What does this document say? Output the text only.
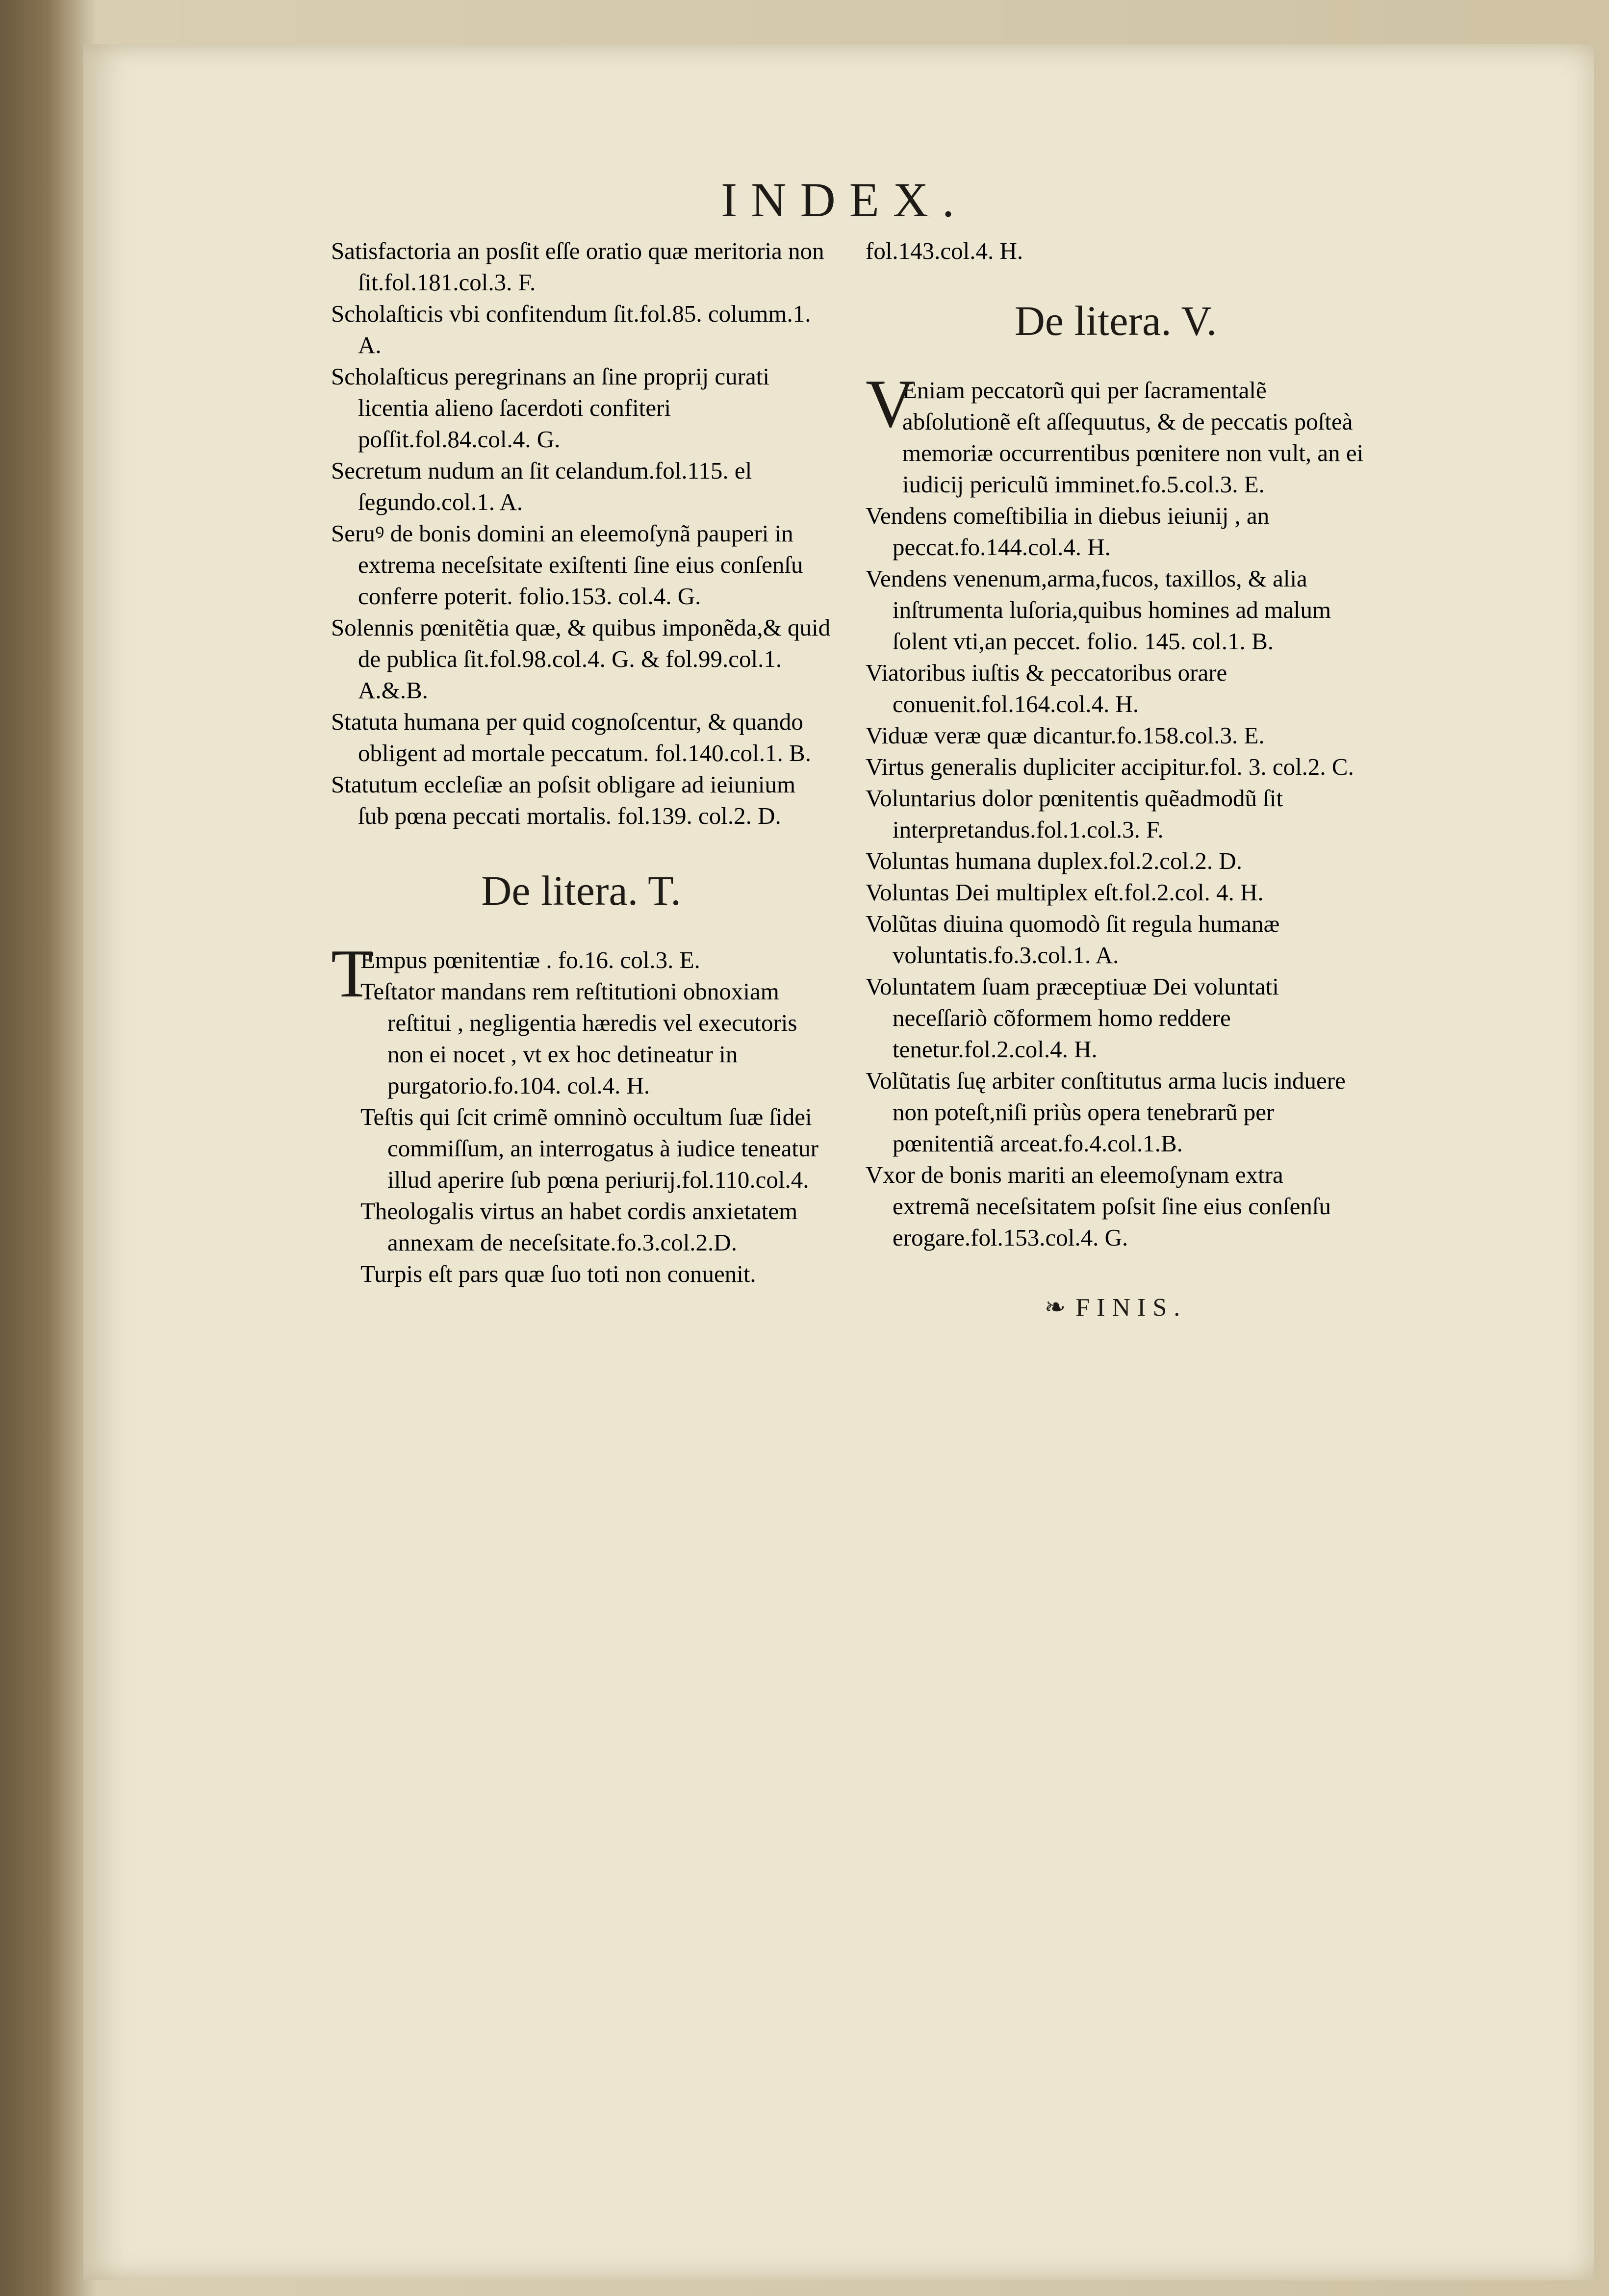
INDEX.

Satisfactoria an posſit eſſe oratio quæ meritoria non ſit.fol.181.col.3. F.

Scholaſticis vbi confitendum ſit.fol.85. columm.1. A.

Scholaſticus peregrinans an ſine proprij curati licentia alieno ſacerdoti confiteri poſſit.fol.84.col.4. G.

Secretum nudum an ſit celandum.fol.115. el ſegundo.col.1. A.

Seruꝰ de bonis domini an eleemoſynã pauperi in extrema neceſsitate exiſtenti ſine eius conſenſu conferre poterit. folio.153. col.4. G.

Solennis pœnitẽtia quæ, & quibus imponẽda,& quid de publica ſit.fol.98.col.4. G. & fol.99.col.1. A.&.B.

Statuta humana per quid cognoſcentur, & quando obligent ad mortale peccatum. fol.140.col.1. B.

Statutum eccleſiæ an poſsit obligare ad ieiunium ſub pœna peccati mortalis. fol.139. col.2. D.

De litera. T.
T

Empus pœnitentiæ . fo.16. col.3. E.

Teſtator mandans rem reſtitutioni obnoxiam reſtitui , negligentia hæredis vel executoris non ei nocet , vt ex hoc detineatur in purgatorio.fo.104. col.4. H.

Teſtis qui ſcit crimẽ omninò occultum ſuæ ſidei commiſſum, an interrogatus à iudice teneatur illud aperire ſub pœna periurij.fol.110.col.4.

Theologalis virtus an habet cordis anxietatem annexam de neceſsitate.fo.3.col.2.D.

Turpis eſt pars quæ ſuo toti non conuenit.

fol.143.col.4. H.

De litera. V.
V

Eniam peccatorũ qui per ſacramentalẽ abſolutionẽ eſt aſſequutus, & de peccatis poſteà memoriæ occurrentibus pœnitere non vult, an ei iudicij periculũ imminet.fo.5.col.3. E.

Vendens comeſtibilia in diebus ieiunij , an peccat.fo.144.col.4. H.

Vendens venenum,arma,fucos, taxillos, & alia inſtrumenta luſoria,quibus homines ad malum ſolent vti,an peccet. folio. 145. col.1. B.

Viatoribus iuſtis & peccatoribus orare conuenit.fol.164.col.4. H.

Viduæ veræ quæ dicantur.fo.158.col.3. E.

Virtus generalis dupliciter accipitur.fol. 3. col.2. C.

Voluntarius dolor pœnitentis quẽadmodũ ſit interpretandus.fol.1.col.3. F.

Voluntas humana duplex.fol.2.col.2. D.

Voluntas Dei multiplex eſt.fol.2.col. 4. H.

Volũtas diuina quomodò ſit regula humanæ voluntatis.fo.3.col.1. A.

Voluntatem ſuam præceptiuæ Dei voluntati neceſſariò cõformem homo reddere tenetur.fol.2.col.4. H.

Volũtatis ſuę arbiter conſtitutus arma lucis induere non poteſt,niſi priùs opera tenebrarũ per pœnitentiã arceat.fo.4.col.1.B.

Vxor de bonis mariti an eleemoſynam extra extremã neceſsitatem poſsit ſine eius conſenſu erogare.fol.153.col.4. G.

❧ FINIS.
